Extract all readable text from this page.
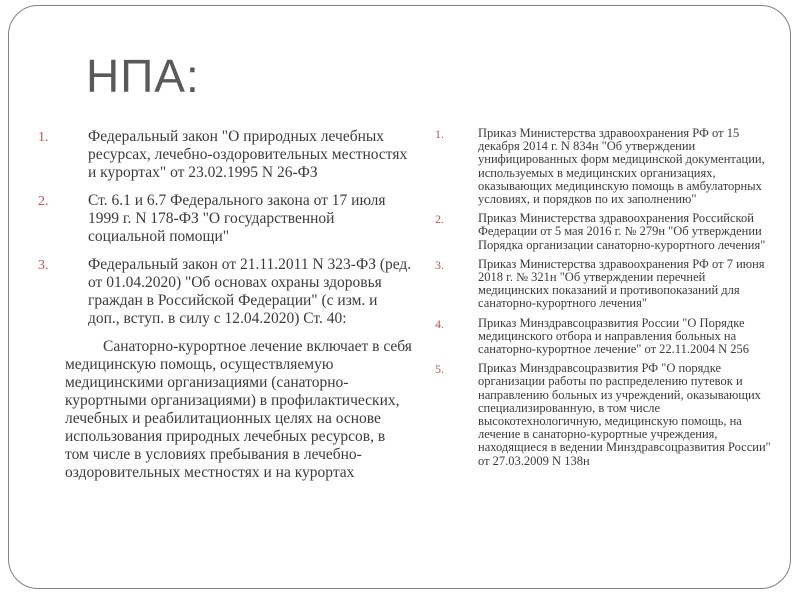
НПА:
1.	Федеральный закон "О природных лечебных ресурсах, лечебно-оздоровительных местностях и курортах" от 23.02.1995 N 26-ФЗ
2.	Ст. 6.1 и 6.7 Федерального закона от 17 июля 1999 г. N 178-ФЗ "О государственной социальной помощи"
3.	Федеральный закон от 21.11.2011 N 323-ФЗ (ред. от 01.04.2020) "Об основах охраны здоровья граждан в Российской Федерации" (с изм. и доп., вступ. в силу с 12.04.2020) Ст. 40:

Санаторно-курортное лечение включает в себя медицинскую помощь, осуществляемую медицинскими организациями (санаторно-курортными организациями) в профилактических, лечебных и реабилитационных целях на основе использования природных лечебных ресурсов, в том числе в условиях пребывания в лечебно-оздоровительных местностях и на курортах

1.	Приказ Министерства здравоохранения РФ от 15 декабря 2014 г. N 834н "Об утверждении унифицированных форм медицинской документации, используемых в медицинских организациях, оказывающих медицинскую помощь в амбулаторных условиях, и порядков по их заполнению"
2.	Приказ Министерства здравоохранения Российской Федерации от 5 мая 2016 г. № 279н "Об утверждении Порядка организации санаторно-курортного лечения"
3.	Приказ Министерства здравоохранения РФ от 7 июня 2018 г. № 321н "Об утверждении перечней медицинских показаний и противопоказаний для санаторно-курортного лечения"
4.	Приказ Минздравсоцразвития России "О Порядке медицинского отбора и направления больных на санаторно-курортное лечение" от 22.11.2004 N 256
5.	Приказ Минздравсоцразвития РФ "О порядке организации работы по распределению путевок и направлению больных из учреждений, оказывающих специализированную, в том числе высокотехнологичную, медицинскую помощь, на лечение в санаторно-курортные учреждения, находящиеся в ведении Минздравсоцразвития России" от 27.03.2009 N 138н
